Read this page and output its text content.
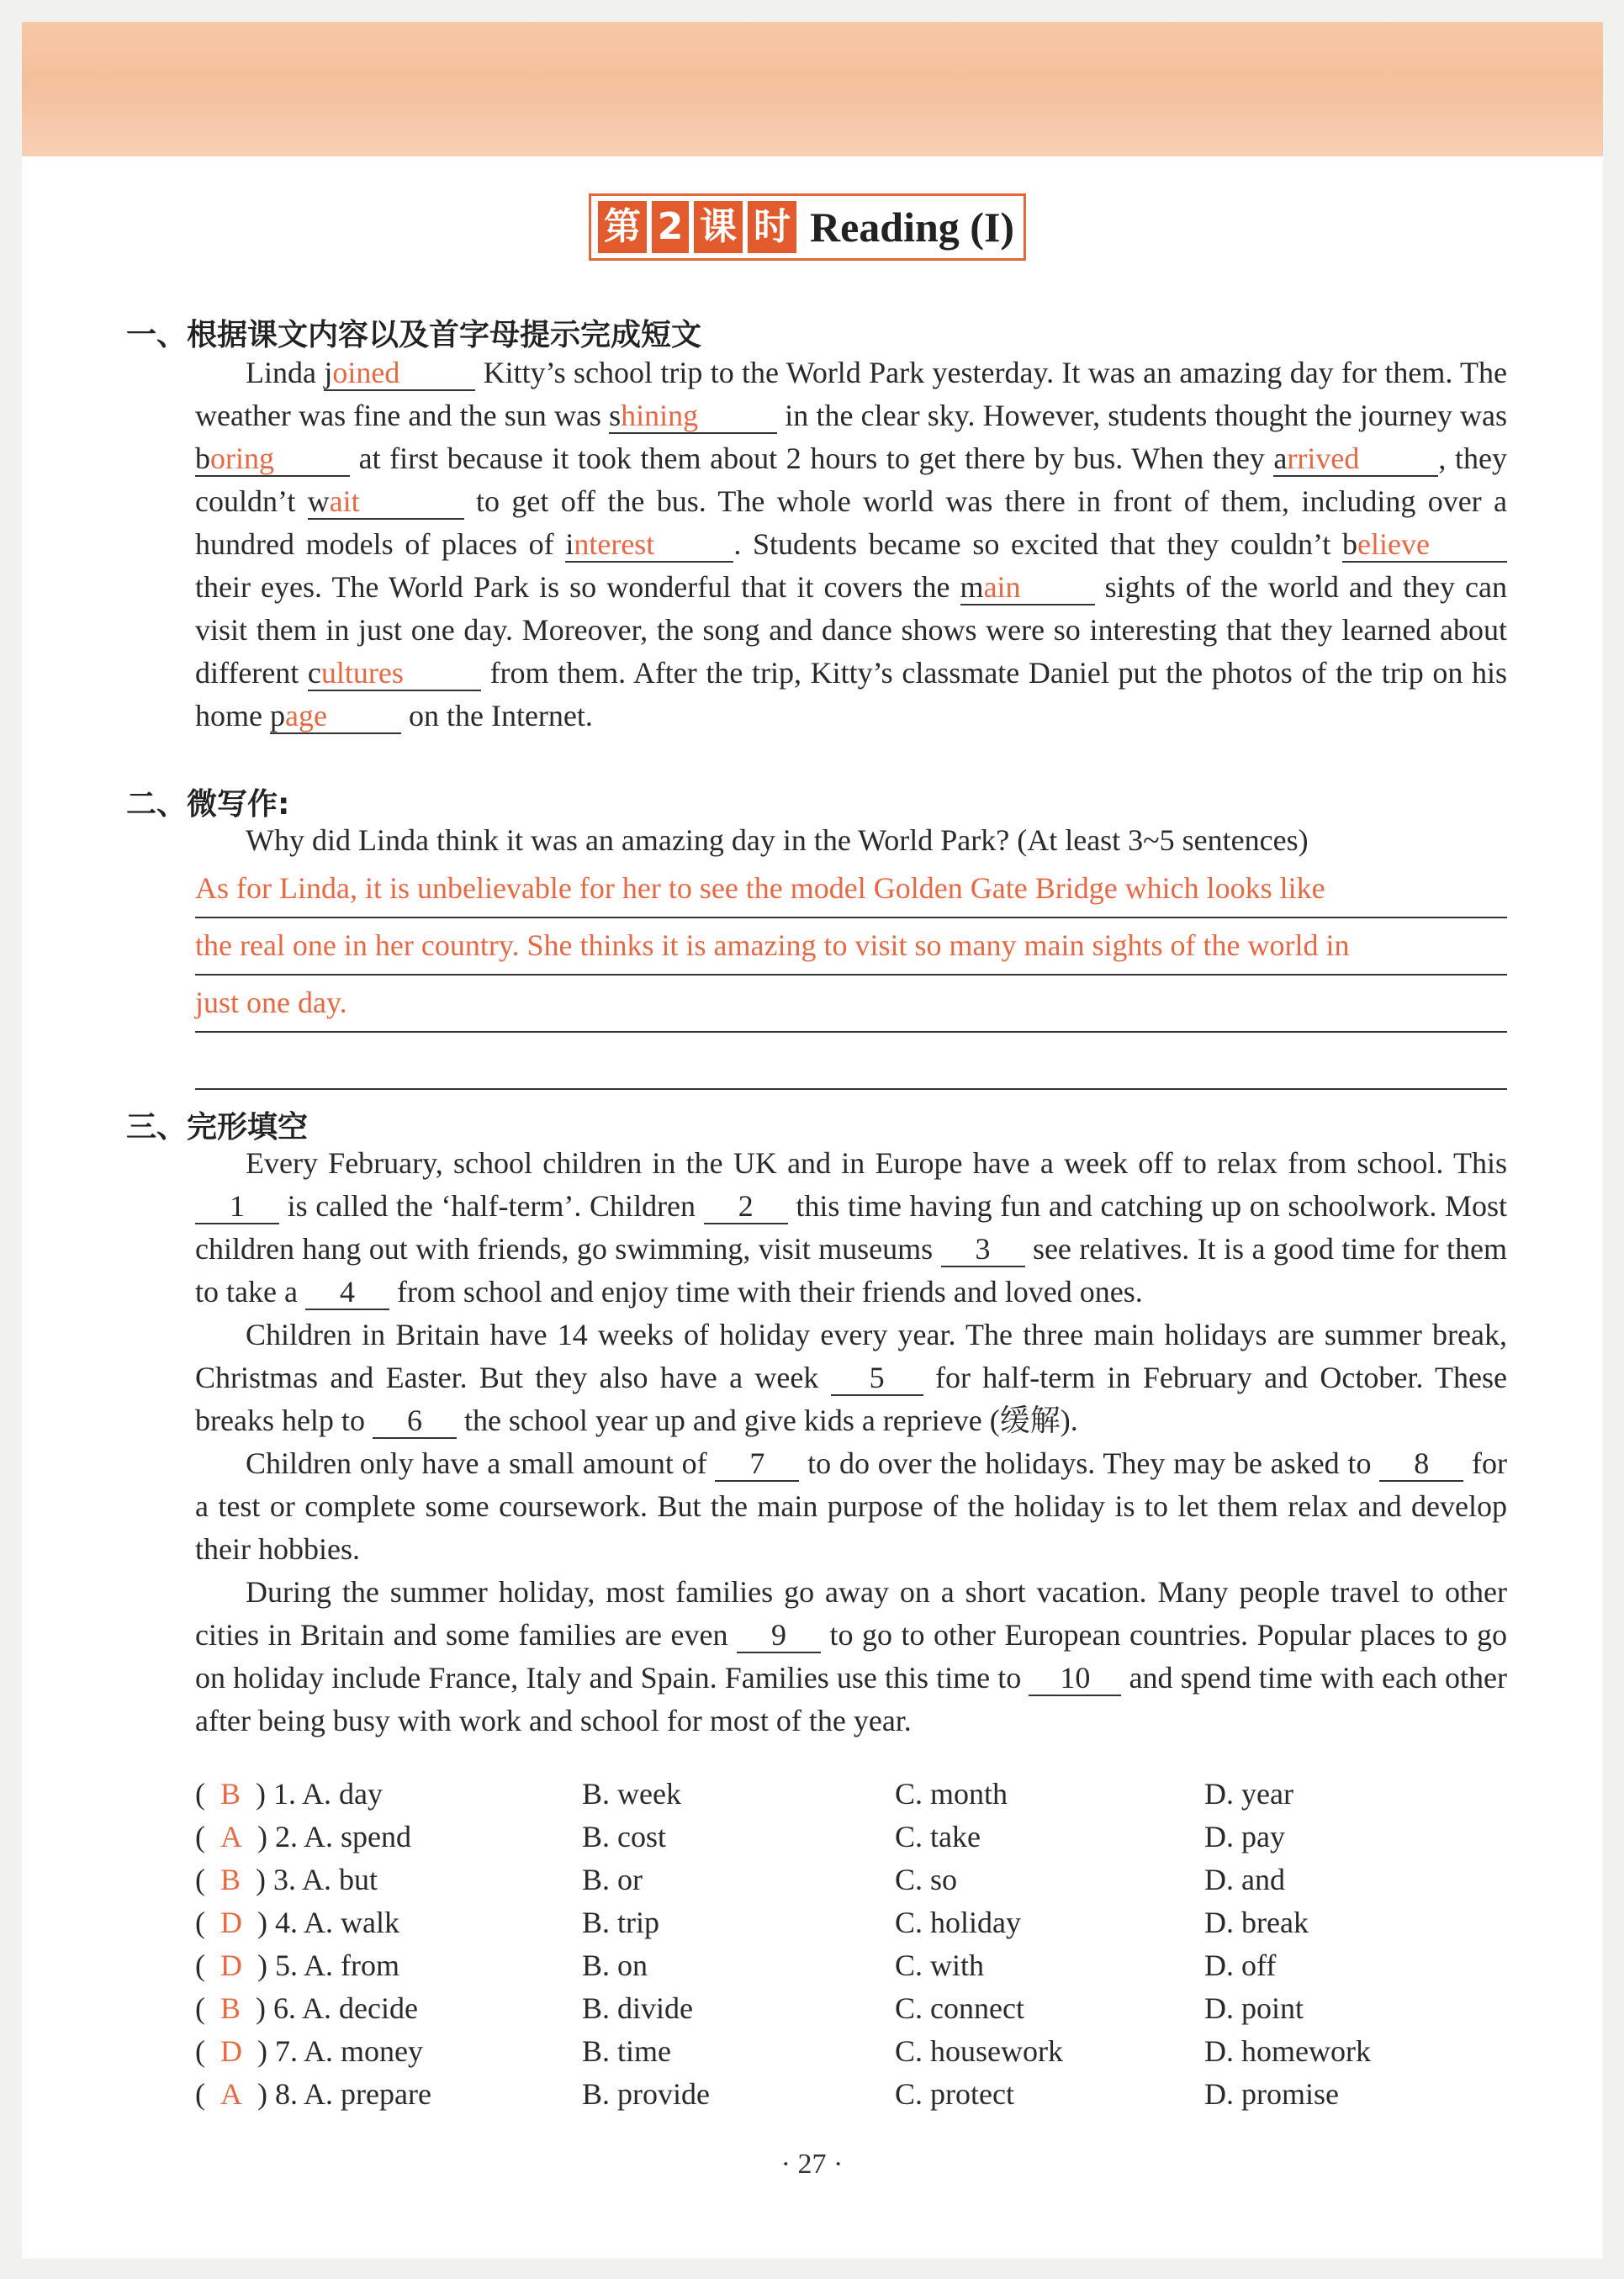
第 2 课 时 Reading (I)
一、根据课文内容以及首字母提示完成短文
Linda joined	Kitty’s school trip to the World Park yesterday. It was an amazing day for them. The weather was fine and the sun was shining	in the clear sky. However, students thought the journey was boring	at first because it took them about 2 hours to get there by bus. When they arrived	, they couldn’t wait	to get off the bus. The whole world was there in front of them, including over a hundred models of places of interest	. Students became so excited that they couldn’t believe their eyes. The World Park is so wonderful that it covers the main sights of the world and they can visit them in just one day. Moreover, the song and dance shows were so interesting that they learned about different cultures	from them. After the trip, Kitty’s classmate Daniel put the photos of the trip on his home page on the Internet.
二、微写作:
Why did Linda think it was an amazing day in the World Park? (At least 3~5 sentences)
As for Linda, it is unbelievable for her to see the model Golden Gate Bridge which looks like
the real one in her country. She thinks it is amazing to visit so many main sights of the world in
just one day.
三、完形填空
Every February, school children in the UK and in Europe have a week off to relax from school. This 1 is called the ‘half-term’. Children 2 this time having fun and catching up on schoolwork. Most children hang out with friends, go swimming, visit museums 3 see relatives. It is a good time for them to take a 4 from school and enjoy time with their friends and loved ones.
Children in Britain have 14 weeks of holiday every year. The three main holidays are summer break, Christmas and Easter. But they also have a week 5 for half-term in February and October. These breaks help to 6 the school year up and give kids a reprieve (缓解).
Children only have a small amount of 7 to do over the holidays. They may be asked to 8 for a test or complete some coursework. But the main purpose of the holiday is to let them relax and develop their hobbies.
During the summer holiday, most families go away on a short vacation. Many people travel to other cities in Britain and some families are even 9 to go to other European countries. Popular places to go on holiday include France, Italy and Spain. Families use this time to 10 and spend time with each other after being busy with work and school for most of the year.
(  B  ) 1. A. day	B. week	C. month	D. year
(  A  ) 2. A. spend	B. cost	C. take	D. pay
(  B  ) 3. A. but	B. or	C. so	D. and
(  D  ) 4. A. walk	B. trip	C. holiday	D. break
(  D  ) 5. A. from	B. on	C. with	D. off
(  B  ) 6. A. decide	B. divide	C. connect	D. point
(  D  ) 7. A. money	B. time	C. housework	D. homework
(  A  ) 8. A. prepare	B. provide	C. protect	D. promise
· 27 ·
